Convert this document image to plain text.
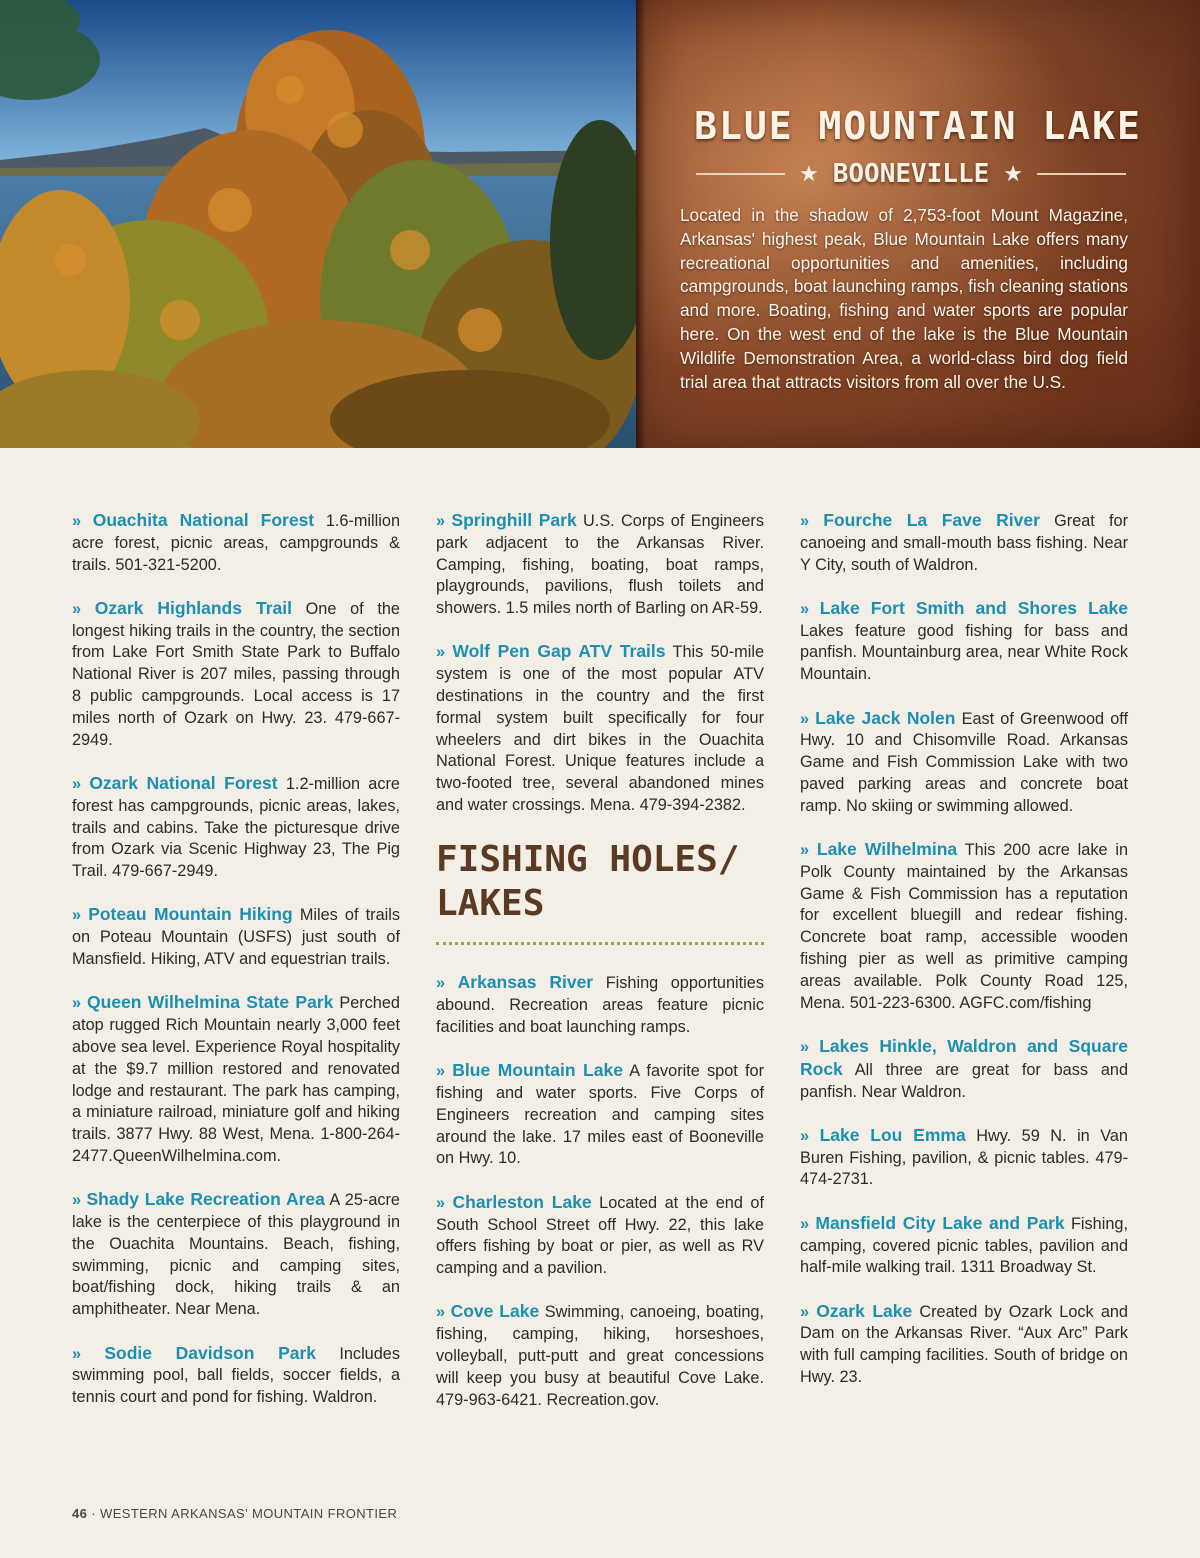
BLUE MOUNTAIN LAKE
★ BOONEVILLE ★

Located in the shadow of 2,753-foot Mount Magazine, Arkansas' highest peak, Blue Mountain Lake offers many recreational opportunities and amenities, including campgrounds, boat launching ramps, fish cleaning stations and more. Boating, fishing and water sports are popular here. On the west end of the lake is the Blue Mountain Wildlife Demonstration Area, a world-class bird dog field trial area that attracts visitors from all over the U.S.

» Ouachita National Forest 1.6-million acre forest, picnic areas, campgrounds & trails. 501-321-5200.

» Ozark Highlands Trail One of the longest hiking trails in the country, the section from Lake Fort Smith State Park to Buffalo National River is 207 miles, passing through 8 public campgrounds. Local access is 17 miles north of Ozark on Hwy. 23. 479-667-2949.

» Ozark National Forest 1.2-million acre forest has campgrounds, picnic areas, lakes, trails and cabins. Take the picturesque drive from Ozark via Scenic Highway 23, The Pig Trail. 479-667-2949.

» Poteau Mountain Hiking Miles of trails on Poteau Mountain (USFS) just south of Mansfield. Hiking, ATV and equestrian trails.

» Queen Wilhelmina State Park Perched atop rugged Rich Mountain nearly 3,000 feet above sea level. Experience Royal hospitality at the $9.7 million restored and renovated lodge and restaurant. The park has camping, a miniature railroad, miniature golf and hiking trails. 3877 Hwy. 88 West, Mena. 1-800-264-2477.QueenWilhelmina.com.

» Shady Lake Recreation Area A 25-acre lake is the centerpiece of this playground in the Ouachita Mountains. Beach, fishing, swimming, picnic and camping sites, boat/fishing dock, hiking trails & an amphitheater. Near Mena.

» Sodie Davidson Park Includes swimming pool, ball fields, soccer fields, a tennis court and pond for fishing. Waldron.

» Springhill Park U.S. Corps of Engineers park adjacent to the Arkansas River. Camping, fishing, boating, boat ramps, playgrounds, pavilions, flush toilets and showers. 1.5 miles north of Barling on AR-59.

» Wolf Pen Gap ATV Trails This 50-mile system is one of the most popular ATV destinations in the country and the first formal system built specifically for four wheelers and dirt bikes in the Ouachita National Forest. Unique features include a two-footed tree, several abandoned mines and water crossings. Mena. 479-394-2382.

FISHING HOLES/ LAKES

» Arkansas River Fishing opportunities abound. Recreation areas feature picnic facilities and boat launching ramps.

» Blue Mountain Lake A favorite spot for fishing and water sports. Five Corps of Engineers recreation and camping sites around the lake. 17 miles east of Booneville on Hwy. 10.

» Charleston Lake Located at the end of South School Street off Hwy. 22, this lake offers fishing by boat or pier, as well as RV camping and a pavilion.

» Cove Lake Swimming, canoeing, boating, fishing, camping, hiking, horseshoes, volleyball, putt-putt and great concessions will keep you busy at beautiful Cove Lake. 479-963-6421. Recreation.gov.

» Fourche La Fave River Great for canoeing and small-mouth bass fishing. Near Y City, south of Waldron.

» Lake Fort Smith and Shores Lake Lakes feature good fishing for bass and panfish. Mountainburg area, near White Rock Mountain.

» Lake Jack Nolen East of Greenwood off Hwy. 10 and Chisomville Road. Arkansas Game and Fish Commission Lake with two paved parking areas and concrete boat ramp. No skiing or swimming allowed.

» Lake Wilhelmina This 200 acre lake in Polk County maintained by the Arkansas Game & Fish Commission has a reputation for excellent bluegill and redear fishing. Concrete boat ramp, accessible wooden fishing pier as well as primitive camping areas available. Polk County Road 125, Mena. 501-223-6300. AGFC.com/fishing

» Lakes Hinkle, Waldron and Square Rock All three are great for bass and panfish. Near Waldron.

» Lake Lou Emma Hwy. 59 N. in Van Buren Fishing, pavilion, & picnic tables. 479-474-2731.

» Mansfield City Lake and Park Fishing, camping, covered picnic tables, pavilion and half-mile walking trail. 1311 Broadway St.

» Ozark Lake Created by Ozark Lock and Dam on the Arkansas River. “Aux Arc” Park with full camping facilities. South of bridge on Hwy. 23.

46 · WESTERN ARKANSAS' MOUNTAIN FRONTIER
